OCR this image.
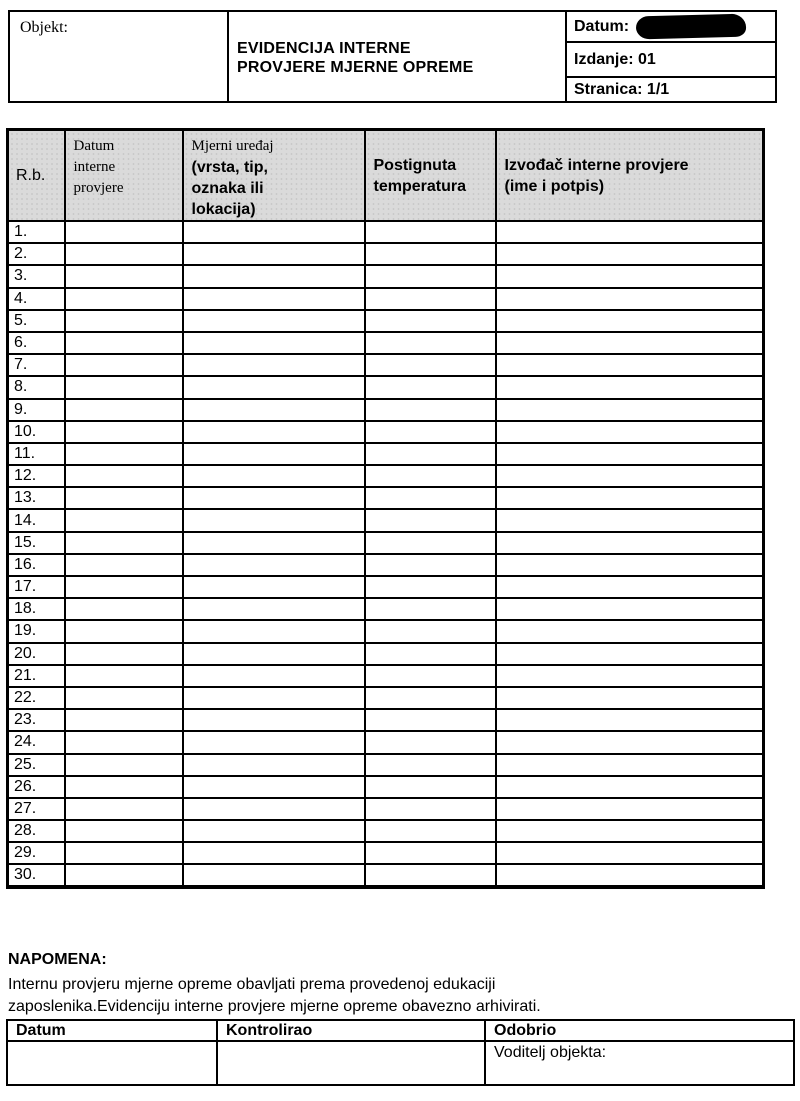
Objekt:
EVIDENCIJA INTERNE
PROVJERE MJERNE OPREME
Datum:
Izdanje: 01
Stranica: 1/1
R.b.	Datum
interne
provjere	Mjerni uređaj
(vrsta, tip,
oznaka ili
lokacija)	Postignuta
temperatura	Izvođač interne provjere
(ime i potpis)

1.				
2.				
3.				
4.				
5.				
6.				
7.				
8.				
9.				
10.				
11.				
12.				
13.				
14.				
15.				
16.				
17.				
18.				
19.				
20.				
21.				
22.				
23.				
24.				
25.				
26.				
27.				
28.				
29.				
30.				
NAPOMENA:
Internu provjeru mjerne opreme obavljati prema provedenoj edukaciji
zaposlenika.Evidenciju interne provjere mjerne opreme obavezno arhivirati.
Datum	Kontrolirao	Odobrio
		Voditelj objekta:
